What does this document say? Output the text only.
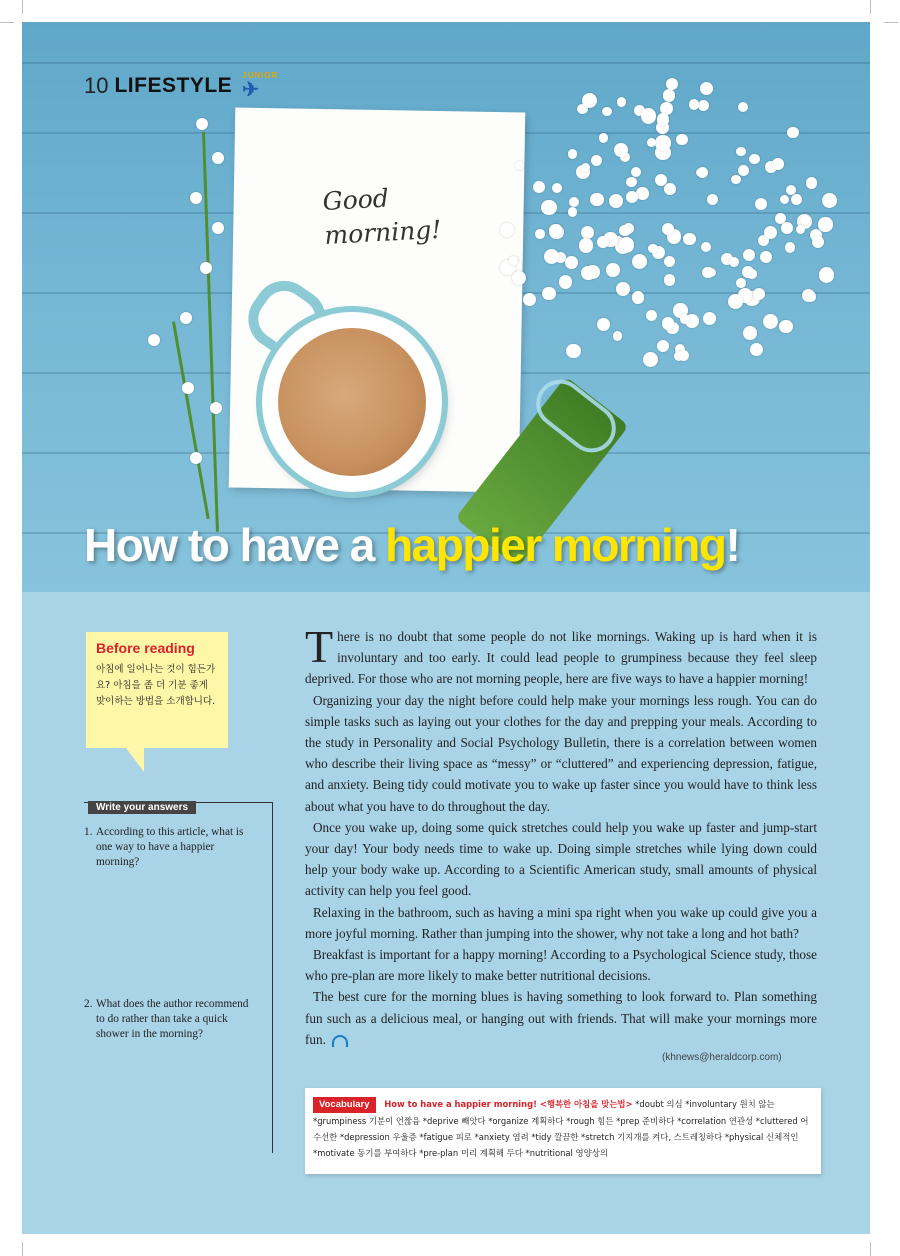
Good
morning!
10 LIFESTYLE JUNIOR
✈
How to have a happier morning!
Before reading
아침에 일어나는 것이 힘든가요? 아침을 좀 더 기분 좋게 맞이하는 방법을 소개합니다.
Write your answers
1. According to this article, what is one way to have a happier morning?
2. What does the author recommend to do rather than take a quick shower in the morning?

There is no doubt that some people do not like mornings. Waking up is hard when it is involuntary and too early. It could lead people to grumpiness because they feel sleep deprived. For those who are not morning people, here are five ways to have a happier morning!

Organizing your day the night before could help make your mornings less rough. You can do simple tasks such as laying out your clothes for the day and prepping your meals. According to the study in Personality and Social Psychology Bulletin, there is a correlation between women who describe their living space as “messy” or “cluttered” and experiencing depression, fatigue, and anxiety. Being tidy could motivate you to wake up faster since you would have to think less about what you have to do throughout the day.

Once you wake up, doing some quick stretches could help you wake up faster and jump-start your day! Your body needs time to wake up. Doing simple stretches while lying down could help your body wake up. According to a Scientific American study, small amounts of physical activity can help you feel good.

Relaxing in the bathroom, such as having a mini spa right when you wake up could give you a more joyful morning. Rather than jumping into the shower, why not take a long and hot bath?

Breakfast is important for a happy morning! According to a Psychological Science study, those who pre-plan are more likely to make better nutritional decisions.

The best cure for the morning blues is having something to look forward to. Plan something fun such as a delicious meal, or hanging out with friends. That will make your mornings more fun.

(khnews@heraldcorp.com)
Vocabulary How to have a happier morning! <행복한 아침을 맞는법> *doubt 의심 *involuntary 원치 않는 *grumpiness 기분이 언짢음 *deprive 빼앗다 *organize 계획하다 *rough 힘든 *prep 준비하다 *correlation 연관성 *cluttered 어수선한 *depression 우울증 *fatigue 피로 *anxiety 염려 *tidy 깔끔한 *stretch 기지개를 켜다, 스트레칭하다 *physical 신체적인 *motivate 동기를 부여하다 *pre-plan 미리 계획해 두다 *nutritional 영양상의
